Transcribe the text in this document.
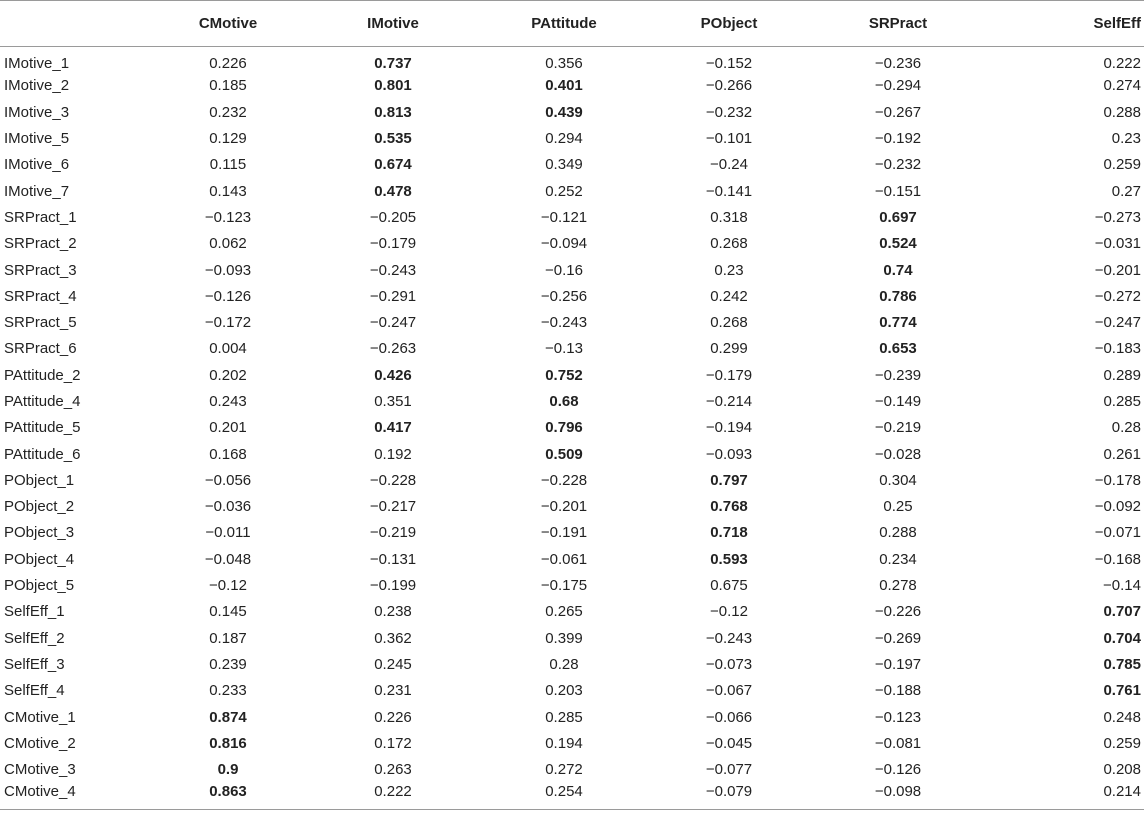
	CMotive	IMotive	PAttitude	PObject	SRPract	SelfEff
IMotive_1	0.226	0.737	0.356	−0.152	−0.236	0.222
IMotive_2	0.185	0.801	0.401	−0.266	−0.294	0.274
IMotive_3	0.232	0.813	0.439	−0.232	−0.267	0.288
IMotive_5	0.129	0.535	0.294	−0.101	−0.192	0.23
IMotive_6	0.115	0.674	0.349	−0.24	−0.232	0.259
IMotive_7	0.143	0.478	0.252	−0.141	−0.151	0.27
SRPract_1	−0.123	−0.205	−0.121	0.318	0.697	−0.273
SRPract_2	0.062	−0.179	−0.094	0.268	0.524	−0.031
SRPract_3	−0.093	−0.243	−0.16	0.23	0.74	−0.201
SRPract_4	−0.126	−0.291	−0.256	0.242	0.786	−0.272
SRPract_5	−0.172	−0.247	−0.243	0.268	0.774	−0.247
SRPract_6	0.004	−0.263	−0.13	0.299	0.653	−0.183
PAttitude_2	0.202	0.426	0.752	−0.179	−0.239	0.289
PAttitude_4	0.243	0.351	0.68	−0.214	−0.149	0.285
PAttitude_5	0.201	0.417	0.796	−0.194	−0.219	0.28
PAttitude_6	0.168	0.192	0.509	−0.093	−0.028	0.261
PObject_1	−0.056	−0.228	−0.228	0.797	0.304	−0.178
PObject_2	−0.036	−0.217	−0.201	0.768	0.25	−0.092
PObject_3	−0.011	−0.219	−0.191	0.718	0.288	−0.071
PObject_4	−0.048	−0.131	−0.061	0.593	0.234	−0.168
PObject_5	−0.12	−0.199	−0.175	0.675	0.278	−0.14
SelfEff_1	0.145	0.238	0.265	−0.12	−0.226	0.707
SelfEff_2	0.187	0.362	0.399	−0.243	−0.269	0.704
SelfEff_3	0.239	0.245	0.28	−0.073	−0.197	0.785
SelfEff_4	0.233	0.231	0.203	−0.067	−0.188	0.761
CMotive_1	0.874	0.226	0.285	−0.066	−0.123	0.248
CMotive_2	0.816	0.172	0.194	−0.045	−0.081	0.259
CMotive_3	0.9	0.263	0.272	−0.077	−0.126	0.208
CMotive_4	0.863	0.222	0.254	−0.079	−0.098	0.214
